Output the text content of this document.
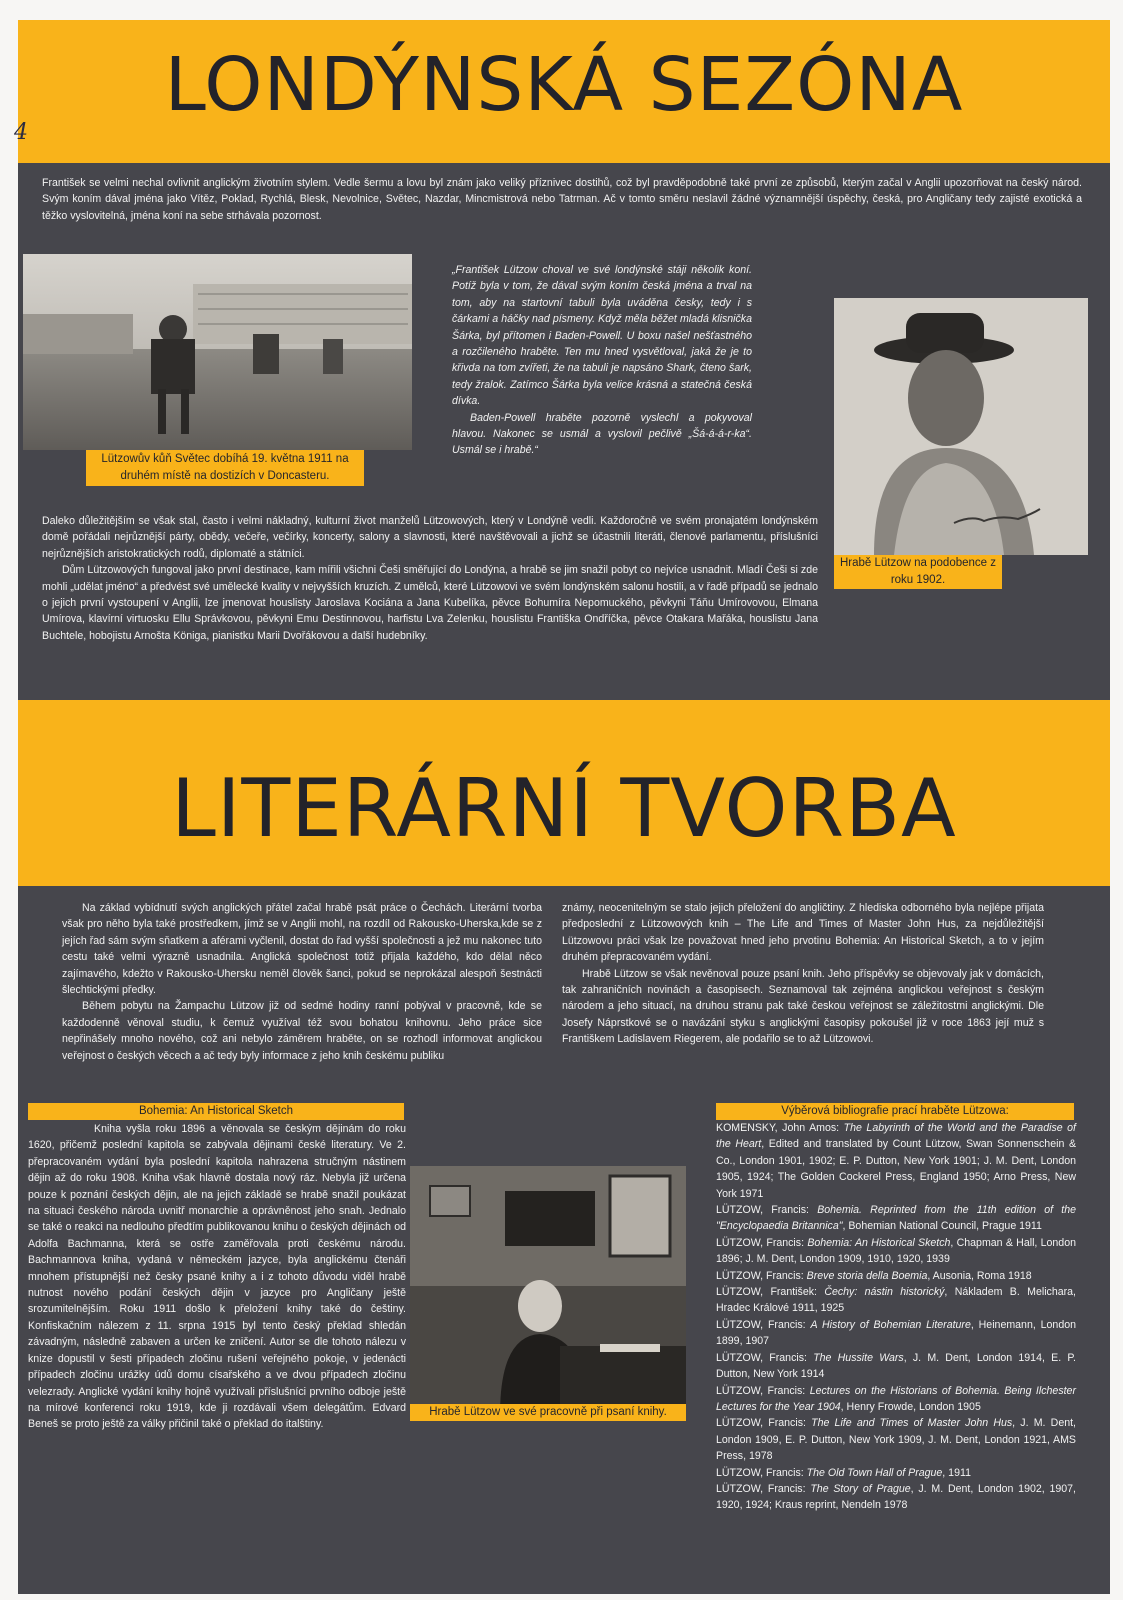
LONDÝNSKÁ SEZÓNA
4

František se velmi nechal ovlivnit anglickým životním stylem. Vedle šermu a lovu byl znám jako veliký příznivec dostihů, což byl pravděpodobně také první ze způsobů, kterým začal v Anglii upozorňovat na český národ. Svým koním dával jména jako Vítěz, Poklad, Rychlá, Blesk, Nevolnice, Světec, Nazdar, Mincmistrová nebo Tatrman. Ač v tomto směru neslavil žádné významnější úspěchy, česká, pro Angličany tedy zajisté exotická a těžko vyslovitelná, jména koní na sebe strhávala pozornost.

Lützowův kůň Světec dobíhá 19. května 1911 na druhém místě na dostizích v Doncasteru.

„František Lützow choval ve své londýnské stáji několik koní. Potíž byla v tom, že dával svým koním česká jména a trval na tom, aby na startovní tabuli byla uváděna česky, tedy i s čárkami a háčky nad písmeny. Když měla běžet mladá klisnička Šárka, byl přítomen i Baden-Powell. U boxu našel nešťastného a rozčileného hraběte. Ten mu hned vysvětloval, jaká že je to křivda na tom zvířeti, že na tabuli je napsáno Shark, čteno šark, tedy žralok. Zatímco Šárka byla velice krásná a statečná česká dívka.

Baden-Powell hraběte pozorně vyslechl a pokyvoval hlavou. Nakonec se usmál a vyslovil pečlivě „Šá-á-á-r-ka“. Usmál se i hrabě.“

Hrabě Lützow na podobence z roku 1902.

Daleko důležitějším se však stal, často i velmi nákladný, kulturní život manželů Lützowových, který v Londýně vedli. Každoročně ve svém pronajatém londýnském domě pořádali nejrůznější párty, obědy, večeře, večírky, koncerty, salony a slavnosti, které navštěvovali a jichž se účastnili literáti, členové parlamentu, příslušníci nejrůznějších aristokratických rodů, diplomaté a státníci.

Dům Lützowových fungoval jako první destinace, kam mířili všichni Češi směřující do Londýna, a hrabě se jim snažil pobyt co nejvíce usnadnit. Mladí Češi si zde mohli „udělat jméno“ a předvést své umělecké kvality v nejvyšších kruzích. Z umělců, které Lützowovi ve svém londýnském salonu hostili, a v řadě případů se jednalo o jejich první vystoupení v Anglii, lze jmenovat houslisty Jaroslava Kociána a Jana Kubelíka, pěvce Bohumíra Nepomuckého, pěvkyni Táňu Umírovovou, Elmana Umírova, klavírní virtuosku Ellu Správkovou, pěvkyni Emu Destinnovou, harfistu Lva Zelenku, houslistu Františka Ondříčka, pěvce Otakara Mařáka, houslistu Jana Buchtele, hobojistu Arnošta Königa, pianistku Marii Dvořákovou a další hudebníky.

LITERÁRNÍ TVORBA

Na základ vybídnutí svých anglických přátel začal hrabě psát práce o Čechách. Literární tvorba však pro něho byla také prostředkem, jímž se v Anglii mohl, na rozdíl od Rakousko-Uherska,kde se z jejích řad sám svým sňatkem a aférami vyčlenil, dostat do řad vyšší společnosti a jež mu nakonec tuto cestu také velmi výrazně usnadnila. Anglická společnost totiž přijala každého, kdo dělal něco zajímavého, kdežto v Rakousko-Uhersku neměl člověk šanci, pokud se neprokázal alespoň šestnácti šlechtickými předky.

Během pobytu na Žampachu Lützow již od sedmé hodiny ranní pobýval v pracovně, kde se každodenně věnoval studiu, k čemuž využíval též svou bohatou knihovnu. Jeho práce sice nepřinášely mnoho nového, což ani nebylo záměrem hraběte, on se rozhodl informovat anglickou veřejnost o českých věcech a ač tedy byly informace z jeho knih českému publiku

známy, neocenitelným se stalo jejich přeložení do angličtiny. Z hlediska odborného byla nejlépe přijata předposlední z Lützowových knih – The Life and Times of Master John Hus, za nejdůležitější Lützowovu práci však lze považovat hned jeho prvotinu Bohemia: An Historical Sketch, a to v jejím druhém přepracovaném vydání.

Hrabě Lützow se však nevěnoval pouze psaní knih. Jeho příspěvky se objevovaly jak v domácích, tak zahraničních novinách a časopisech. Seznamoval tak zejména anglickou veřejnost s českým národem a jeho situací, na druhou stranu pak také českou veřejnost se záležitostmi anglickými. Dle Josefy Náprstkové se o navázání styku s anglickými časopisy pokoušel již v roce 1863 její muž s Františkem Ladislavem Riegerem, ale podařilo se to až Lützowovi.

Bohemia: An Historical Sketch

Kniha vyšla roku 1896 a věnovala se českým dějinám do roku 1620, přičemž poslední kapitola se zabývala dějinami české literatury. Ve 2. přepracovaném vydání byla poslední kapitola nahrazena stručným nástinem dějin až do roku 1908. Kniha však hlavně dostala nový ráz. Nebyla již určena pouze k poznání českých dějin, ale na jejich základě se hrabě snažil poukázat na situaci českého národa uvnitř monarchie a oprávněnost jeho snah. Jednalo se také o reakci na nedlouho předtím publikovanou knihu o českých dějinách od Adolfa Bachmanna, která se ostře zaměřovala proti českému národu. Bachmannova kniha, vydaná v německém jazyce, byla anglickému čtenáři mnohem přístupnější než česky psané knihy a i z tohoto důvodu viděl hrabě nutnost nového podání českých dějin v jazyce pro Angličany ještě srozumitelnějším. Roku 1911 došlo k přeložení knihy také do češtiny. Konfiskačním nálezem z 11. srpna 1915 byl tento český překlad shledán závadným, následně zabaven a určen ke zničení. Autor se dle tohoto nálezu v knize dopustil v šesti případech zločinu rušení veřejného pokoje, v jedenácti případech zločinu urážky údů domu císařského a ve dvou případech zločinu velezrady. Anglické vydání knihy hojně využívali příslušníci prvního odboje ještě na mírové konferenci roku 1919, kde ji rozdávali všem delegátům. Edvard Beneš se proto ještě za války přičinil také o překlad do italštiny.

Hrabě Lützow ve své pracovně při psaní knihy.
Výběrová bibliografie prací hraběte Lützowa:

KOMENSKY, John Amos: The Labyrinth of the World and the Paradise of the Heart, Edited and translated by Count Lützow, Swan Sonnenschein & Co., London 1901, 1902; E. P. Dutton, New York 1901; J. M. Dent, London 1905, 1924; The Golden Cockerel Press, England 1950; Arno Press, New York 1971

LÜTZOW, Francis: Bohemia. Reprinted from the 11th edition of the "Encyclopaedia Britannica", Bohemian National Council, Prague 1911

LÜTZOW, Francis: Bohemia: An Historical Sketch, Chapman & Hall, London 1896; J. M. Dent, London 1909, 1910, 1920, 1939

LÜTZOW, Francis: Breve storia della Boemia, Ausonia, Roma 1918

LÜTZOW, František: Čechy: nástin historický, Nákladem B. Melichara, Hradec Králové 1911, 1925

LÜTZOW, Francis: A History of Bohemian Literature, Heinemann, London 1899, 1907

LÜTZOW, Francis: The Hussite Wars, J. M. Dent, London 1914, E. P. Dutton, New York 1914

LÜTZOW, Francis: Lectures on the Historians of Bohemia. Being Ilchester Lectures for the Year 1904, Henry Frowde, London 1905

LÜTZOW, Francis: The Life and Times of Master John Hus, J. M. Dent, London 1909, E. P. Dutton, New York 1909, J. M. Dent, London 1921, AMS Press, 1978

LÜTZOW, Francis: The Old Town Hall of Prague, 1911

LÜTZOW, Francis: The Story of Prague, J. M. Dent, London 1902, 1907, 1920, 1924; Kraus reprint, Nendeln 1978
